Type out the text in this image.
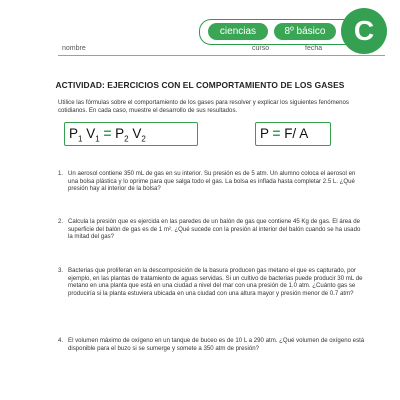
ciencias	8º básico	C
nombre	curso	fecha
ACTIVIDAD: EJERCICIOS CON EL COMPORTAMIENTO DE LOS GASES
Utilice las fórmulas sobre el comportamiento de los gases para resolver y explicar los siguientes fenómenos cotidianos. En cada caso, muestre el desarrollo de sus resultados.
$P_1$ $V_1 = P_2$ $V_2$	P = F/ A
1. Un aerosol contiene 350 mL de gas en su interior. Su presión es de 5 atm. Un alumno coloca el aerosol en una bolsa plástica y lo oprime para que salga todo el gas. La bolsa es inflada hasta completar 2.5 L. ¿Qué presión hay al interior de la bolsa?
2. Calcula la presión que es ejercida en las paredes de un balón de gas que contiene 45 Kg de gas. El área de superficie del balón de gas es de 1 m². ¿Qué sucede con la presión al interior del balón cuando se ha usado la mitad del gas?
3. Bacterias que proliferan en la descomposición de la basura producen gas metano el que es capturado, por ejemplo, en las plantas de tratamiento de aguas servidas. Si un cultivo de bacterias puede producir 30 mL de metano en una planta que está en una ciudad a nivel del mar con una presión de 1.0 atm. ¿Cuánto gas se produciría si la planta estuviera ubicada en una ciudad con una altura mayor y presión menor de 0.7 atm?
4. El volumen máximo de oxígeno en un tanque de buceo es de 10 L a 290 atm. ¿Qué volumen de oxígeno está disponible para el buzo si se sumerge y somete a 350 atm de presión?
